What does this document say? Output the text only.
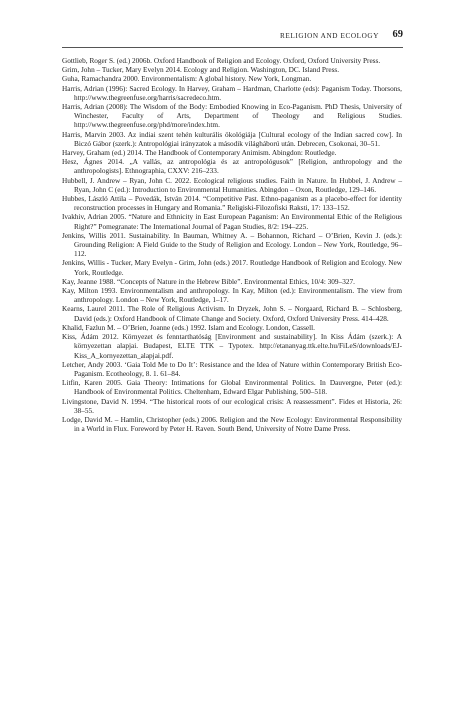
RELIGION AND ECOLOGY 69
Gottlieb, Roger S. (ed.) 2006b. Oxford Handbook of Religion and Ecology. Oxford, Oxford University Press.
Grim, John – Tucker, Mary Evelyn 2014. Ecology and Religion. Washington, DC. Island Press.
Guha, Ramachandra 2000. Environmentalism: A global history. New York, Longman.
Harris, Adrian (1996): Sacred Ecology. In Harvey, Graham – Hardman, Charlotte (eds): Paganism Today. Thorsons, http://www.thegreenfuse.org/harris/sacredeco.htm.
Harris, Adrian (2008): The Wisdom of the Body: Embodied Knowing in Eco-Paganism. PhD Thesis, University of Winchester, Faculty of Arts, Department of Theology and Religious Studies. http://www.thegreenfuse.org/phd/more/index.htm.
Harris, Marvin 2003. Az indiai szent tehén kulturális ökológiája [Cultural ecology of the Indian sacred cow]. In Biczó Gábor (szerk.): Antropológiai irányzatok a második világháború után. Debrecen, Csokonai, 30–51.
Harvey, Graham (ed.) 2014. The Handbook of Contemporary Animism. Abingdon: Routledge.
Hesz, Ágnes 2014. „A vallás, az antropológia és az antropológusok” [Religion, anthropology and the anthropologists]. Ethnographia, CXXV: 216–233.
Hubbell, J. Andrew – Ryan, John C. 2022. Ecological religious studies. Faith in Nature. In Hubbel, J. Andrew – Ryan, John C (ed.): Introduction to Environmental Humanities. Abingdon – Oxon, Routledge, 129–146.
Hubbes, László Attila – Povedák, István 2014. “Competitive Past. Ethno-paganism as a placebo-effect for identity reconstruction processes in Hungary and Romania.” Religiski-Filozofiski Raksti, 17: 133–152.
Ivakhiv, Adrian 2005. “Nature and Ethnicity in East European Paganism: An Environmental Ethic of the Religious Right?” Pomegranate: The International Journal of Pagan Studies, 8/2: 194–225.
Jenkins, Willis 2011. Sustainability. In Bauman, Whitney A. – Bohannon, Richard – O’Brien, Kevin J. (eds.): Grounding Religion: A Field Guide to the Study of Religion and Ecology. London – New York, Routledge, 96–112.
Jenkins, Willis - Tucker, Mary Evelyn - Grim, John (eds.) 2017. Routledge Handbook of Religion and Ecology. New York, Routledge.
Kay, Jeanne 1988. “Concepts of Nature in the Hebrew Bible”. Environmental Ethics, 10/4: 309–327.
Kay, Milton 1993. Environmentalism and anthropology. In Kay, Milton (ed.): Environmentalism. The view from anthropology. London – New York, Routledge, 1–17.
Kearns, Laurel 2011. The Role of Religious Activism. In Dryzek, John S. – Norgaard, Richard B. – Schlosberg, David (eds.): Oxford Handbook of Climate Change and Society. Oxford, Oxford University Press. 414–428.
Khalid, Fazlun M. – O’Brien, Joanne (eds.) 1992. Islam and Ecology. London, Cassell.
Kiss, Ádám 2012. Környezet és fenntarthatóság [Environment and sustainability]. In Kiss Ádám (szerk.): A környezettan alapjai. Budapest, ELTE TTK – Typotex. http://etananyag.ttk.elte.hu/FiLeS/downloads/EJ-Kiss_A_kornyezettan_alapjai.pdf.
Letcher, Andy 2003. ‘Gaia Told Me to Do It’: Resistance and the Idea of Nature within Contemporary British Eco-Paganism. Ecotheology, 8. 1. 61–84.
Litfin, Karen 2005. Gaia Theory: Intimations for Global Environmental Politics. In Dauvergne, Peter (ed.): Handbook of Environmental Politics. Cheltenham, Edward Elgar Publishing, 500–518.
Livingstone, David N. 1994. “The historical roots of our ecological crisis: A reassessment”. Fides et Historia, 26: 38–55.
Lodge, David M. – Hamlin, Christopher (eds.) 2006. Religion and the New Ecology: Environmental Responsibility in a World in Flux. Foreword by Peter H. Raven. South Bend, University of Notre Dame Press.
